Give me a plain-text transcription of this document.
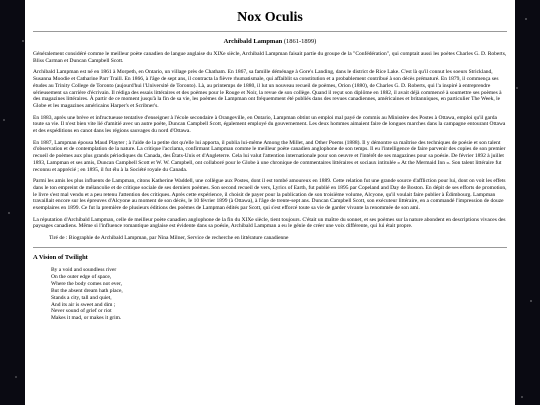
Nox Oculis
Archibald Lampman (1861-1899)

Généralement considéré comme le meilleur poète canadien de langue anglaise du XIXe siècle, Archibald Lampman faisait partie du groupe de la "Confédération", qui comptait aussi les poètes Charles G. D. Roberts, Bliss Carman et Duncan Campbell Scott.

Archibald Lampman est né en 1861 à Morpeth, en Ontario, un village près de Chatham. En 1867, sa famille déménage à Gore's Landing, dans le district de Rice Lake. C'est là qu'il connut les soeurs Strickland, Susanna Moodie et Catharine Parr Traill. En 1866, à l'âge de sept ans, il contracta la fièvre rhumatismale, qui affaiblit sa constitution et a probablement contribué à son décès prématuré. En 1879, il commença ses études au Trinity College de Toronto (aujourd'hui l'Université de Toronto). Là, au printemps de 1880, il lut un nouveau recueil de poèmes, Orion (1880), de Charles G. D. Roberts, qui l'a inspiré à entreprendre sérieusement sa carrière d'écrivain. Il rédiga des essais littéraires et des poèmes pour le Rouge et Noir, la revue de son collège. Quand il reçut son diplôme en 1882, il avait déjà commencé à soumettre ses poèmes à des magazines littéraires. À partir de ce moment jusqu'à la fin de sa vie, les poèmes de Lampman ont fréquemment été publiés dans des revues canadiennes, américaines et britanniques, en particulier The Week, le Globe et les magazines américains Harper's et Scribner's.

En 1883, après une brève et infructueuse tentative d'enseigner à l'école secondaire à Orangeville, en Ontario, Lampman obtint un emploi mal payé de commis au Ministère des Postes à Ottawa, emploi qu'il garda toute sa vie. Il n'est bien vite lié d'amitié avec un autre poète, Duncan Campbell Scott, également employé du gouvernement. Les deux hommes aimaient faire de longues marches dans la campagne entourant Ottawa et des expéditions en canot dans les régions sauvages du nord d'Ottawa.

En 1887, Lampman épousa Maud Playter ; à l'aide de la petite dot qu'elle lui apporta, il publia lui-même Among the Millet, and Other Poems (1888). Il y démontre sa maîtrise des techniques de poésie et son talent d'observation et de contemplation de la nature. La critique l'acclama, confirmant Lampman comme le meilleur poète canadien anglophone de son temps. Il eu l'intelligence de faire parvenir des copies de son premier recueil de poèmes aux plus grands périodiques du Canada, des États-Unis et d'Angleterre. Cela lui valut l'attention internationale pour son oeuvre et l'intérêt de ses magazines pour sa poésie. De février 1892 à juillet 1893, Lampman et ses amis, Duncan Campbell Scott et W. W. Campbell, ont collaboré pour le Globe à une chronique de commentaires littéraires et sociaux intitulée « At the Mermaid Inn ». Son talent littéraire fut reconnu et apprécié ; en 1895, il fut élu à la Société royale du Canada.

Parmi les amis les plus influents de Lampman, citons Katherine Waddell, une collègue aux Postes, dont il est tombé amoureux en 1889. Cette relation fut une grande source d'affliction pour lui, dont on voit les effets dans le ton empreint de mélancolie et de critique sociale de ses derniers poèmes. Son second recueil de vers, Lyrics of Earth, fut publié en 1895 par Copeland and Day de Boston. En dépit de ses efforts de promotion, le livre s'est mal vendu et a peu retenu l'attention des critiques. Après cette expérience, il choisit de payer pour la publication de son troisième volume, Alcyone, qu'il voulait faire publier à Édimbourg. Lampman travaillait encore sur les épreuves d'Alcyone au moment de son décès, le 10 février 1899 (à Ottawa), à l'âge de trente-sept ans. Duncan Campbell Scott, son exécuteur littéraire, en a commandé l'impression de douze exemplaires en 1899. Ce fut la première de plusieurs éditions des poèmes de Lampman édités par Scott, qui s'est efforcé toute sa vie de garder vivante la renommée de son ami.

La réputation d'Archibald Lampman, celle de meilleur poète canadien anglophone de la fin du XIXe siècle, tient toujours. C'était un maître du sonnet, et ses poèmes sur la nature abondent en descriptions vivaces des paysages canadiens. Même si l'influence romantique anglaise est évidente dans sa poésie, Archibald Lampman a eu le génie de créer une voix différente, qui lui était propre.

Tiré de : Biographie de Archibald Lampman, par Nina Milner, Service de recherche en littérature canadienne
A Vision of Twilight
By a void and soundless river
On the outer edge of space,
Where the body comes not ever,
But the absent dream hath place,
Stands a city, tall and quiet,
And its air is sweet and dim ;
Never sound of grief or riot
Makes it mad, or makes it grim.
